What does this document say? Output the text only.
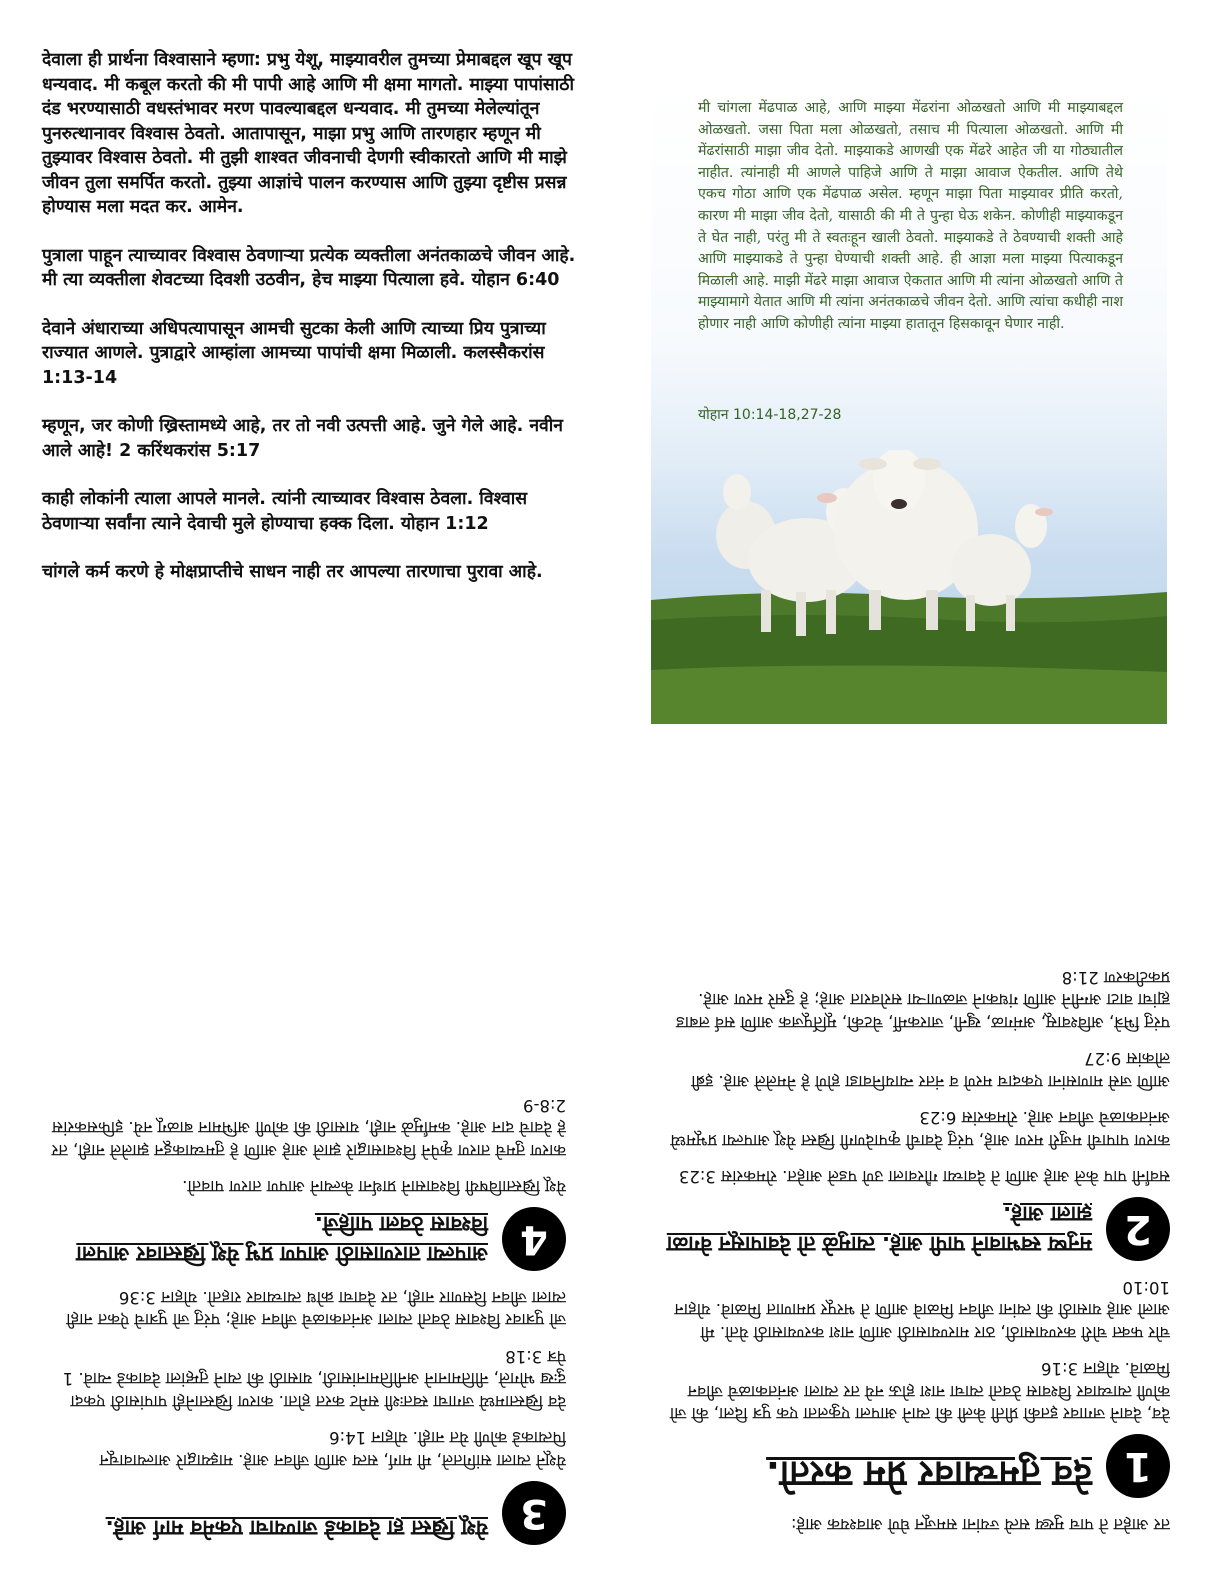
देवाला ही प्रार्थना विश्वासाने म्हणा: प्रभु येशू, माझ्यावरील तुमच्या प्रेमाबद्दल खूप खूप धन्यवाद. मी कबूल करतो की मी पापी आहे आणि मी क्षमा मागतो. माझ्या पापांसाठी दंड भरण्यासाठी वधस्तंभावर मरण पावल्याबद्दल धन्यवाद. मी तुमच्या मेलेल्यांतून पुनरुत्थानावर विश्वास ठेवतो. आतापासून, माझा प्रभु आणि तारणहार म्हणून मी तुझ्यावर विश्वास ठेवतो. मी तुझी शाश्वत जीवनाची देणगी स्वीकारतो आणि मी माझे जीवन तुला समर्पित करतो. तुझ्या आज्ञांचे पालन करण्यास आणि तुझ्या दृष्टीस प्रसन्न होण्यास मला मदत कर. आमेन.

पुत्राला पाहून त्याच्यावर विश्वास ठेवणाऱ्या प्रत्येक व्यक्तीला अनंतकाळचे जीवन आहे. मी त्या व्यक्तीला शेवटच्या दिवशी उठवीन, हेच माझ्या पित्याला हवे. योहान 6:40

देवाने अंधाराच्या अधिपत्यापासून आमची सुटका केली आणि त्याच्या प्रिय पुत्राच्या राज्यात आणले. पुत्राद्वारे आम्हांला आमच्या पापांची क्षमा मिळाली. कलस्सैकरांस 1:13-14

म्हणून, जर कोणी ख्रिस्तामध्ये आहे, तर तो नवी उत्पत्ती आहे. जुने गेले आहे. नवीन आले आहे! 2 करिंथकरांस 5:17

काही लोकांनी त्याला आपले मानले. त्यांनी त्याच्यावर विश्वास ठेवला. विश्वास ठेवणाऱ्या सर्वांना त्याने देवाची मुले होण्याचा हक्क दिला. योहान 1:12

चांगले कर्म करणे हे मोक्षप्राप्तीचे साधन नाही तर आपल्या तारणाचा पुरावा आहे.

मी चांगला मेंढपाळ आहे, आणि माझ्या मेंढरांना ओळखतो आणि मी माझ्याबद्दल ओळखतो. जसा पिता मला ओळखतो, तसाच मी पित्याला ओळखतो. आणि मी मेंढरांसाठी माझा जीव देतो. माझ्याकडे आणखी एक मेंढरे आहेत जी या गोठ्यातील नाहीत. त्यांनाही मी आणले पाहिजे आणि ते माझा आवाज ऐकतील. आणि तेथे एकच गोठा आणि एक मेंढपाळ असेल. म्हणून माझा पिता माझ्यावर प्रीति करतो, कारण मी माझा जीव देतो, यासाठी की मी ते पुन्हा घेऊ शकेन. कोणीही माझ्याकडून ते घेत नाही, परंतु मी ते स्वतःहून खाली ठेवतो. माझ्याकडे ते ठेवण्याची शक्ती आहे आणि माझ्याकडे ते पुन्हा घेण्याची शक्ती आहे. ही आज्ञा मला माझ्या पित्याकडून मिळाली आहे. माझी मेंढरे माझा आवाज ऐकतात आणि मी त्यांना ओळखतो आणि ते माझ्यामागे येतात आणि मी त्यांना अनंतकाळचे जीवन देतो. आणि त्यांचा कधीही नाश होणार नाही आणि कोणीही त्यांना माझ्या हातातून हिसकावून घेणार नाही.
योहान 10:14-18,27-28

तर आहेत ते पाच मुख्य सत्ये ज्यांना समजून घेणे आवश्यक आहे:

1
देव तुमच्यावर प्रेम करतो.

देव, देवाने जगावर इतकी प्रीती केली की त्याने आपला एकुलता एक पुत्र दिला, की जो कोणी त्याच्यावर विश्वास ठेवतो त्याचा नाश होऊ नये तर त्याला अनंतकाळचे जीवन मिळावे. योहान 3:16

चोर फक्त चोरी करण्यासाठी, ठार मारण्यासाठी आणि नाश करण्यासाठी येतो. मी आलो आहे यासाठी की त्यांना जीवन मिळावे आणि ते भरपूर प्रमाणात मिळावे. योहान 10:10

2
मनुष्य स्वभावाने पापी आहे. त्यामुळे तो देवापासून वेगळा झाला आहे.

सर्वांनी पाप केले आहे आणि ते देवाच्या गौरवाला उणे पडले आहेत. रोमकरांस 3:23

कारण पापाची मजुरी मरण आहे, परंतु देवाची कृपादेणगी ख्रिस्त येशू आपल्या प्रभूमध्ये अनंतकाळचे जीवन आहे. रोमकरांस 6:23

आणि जसे माणसांना एकदाच मरणे व नंतर न्यायनिवाडा होणे हे नेमलेले आहे. इब्री लोकांस 9:27

परंतु भित्रे, अविश्वासू, अमंगळ, खुनी, जारकर्मी, चेटकी, मूर्तिपूजक आणि सर्व लबाड ह्यांचा वाटा अग्नीने आणि गंधकाने जळणाऱ्या सरोवरात आहे; हे दुसरे मरण आहे. प्रकटीकरण 21:8

3
येशू ख्रिस्त हा देवाकडे जाण्याचा एकमेव मार्ग आहे.

येशूने त्याला सांगितले, मी मार्ग, सत्य आणि जीवन आहे. माझ्याद्वारे आल्यावाचून पित्याकडे कोणी येत नाही. योहान 14:6

देव ख्रिस्तामध्ये जगाचा स्वतःशी समेट करत होता. कारण ख्रिस्तानेही पापांसाठी एकदा दुःख भोगले, नीतिमानाने अनीतिमानांसाठी, यासाठी की त्याने तुम्हांला देवाकडे न्यावे. 1 पेत्र 3:18

जो पुत्रावर विश्वास ठेवतो त्याला अनंतकाळचे जीवन आहे; परंतु जो पुत्राचे ऐकत नाही त्याला जीवन दिसणार नाही, तर देवाचा क्रोध त्याच्यावर राहतो. योहान 3:36

4
आपल्या तारणासाठी आपण प्रभु येशू ख्रिस्तावर आपला विश्वास ठेवला पाहिजे.

येशू ख्रिस्ताविषयी विश्वासाने प्रार्थना केल्याने आपण तारण पावतो.

कारण तुमचे तारण कृपेने विश्वासाद्वारे झाले आहे आणि हे तुमच्याकडून झालेले नाही, तर हे देवाचे दान आहे. कर्मांमुळे नाही, यासाठी की कोणी अभिमान बाळगू नये. इफिसकरांस 2:8-9
